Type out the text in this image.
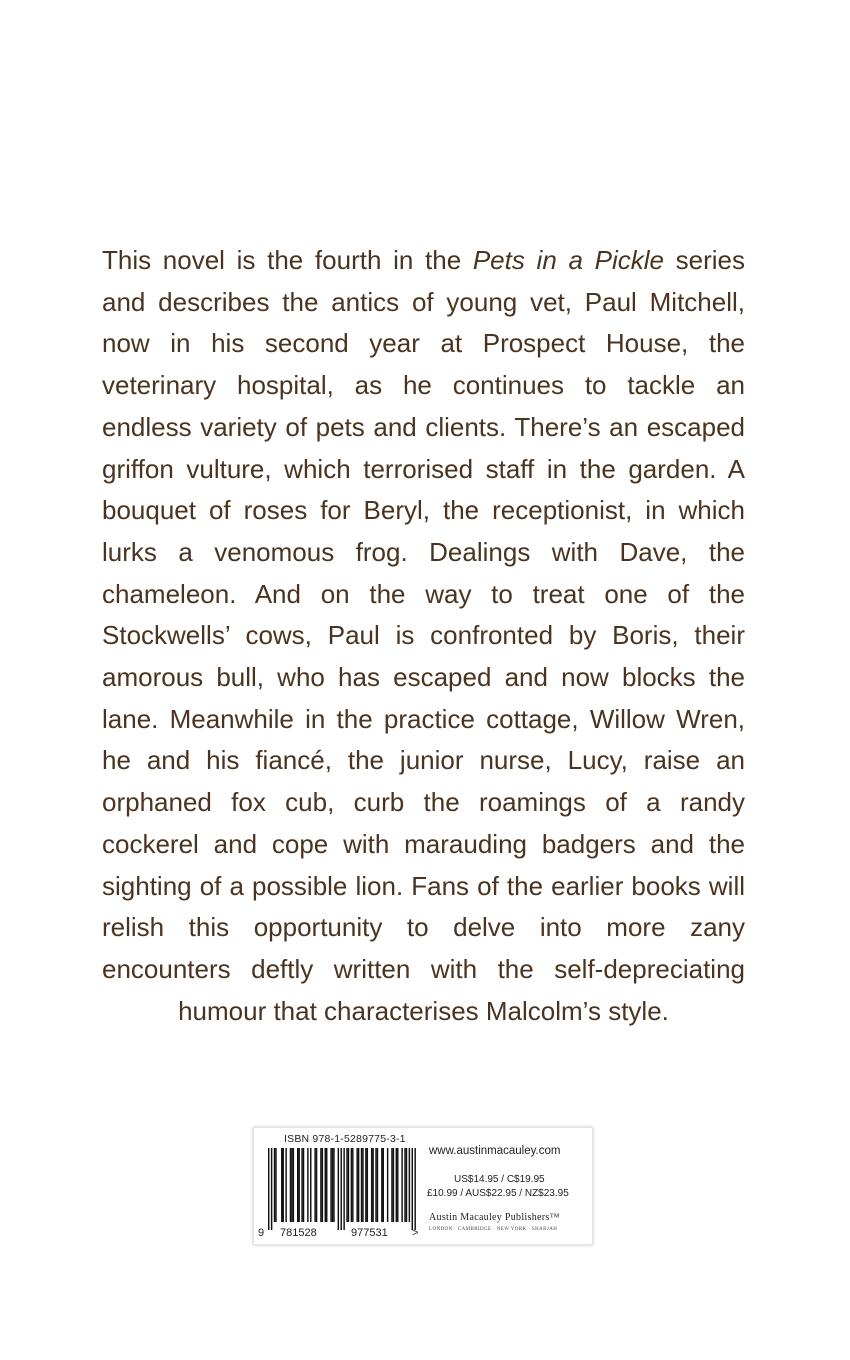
This novel is the fourth in the Pets in a Pickle series and describes the antics of young vet, Paul Mitchell, now in his second year at Prospect House, the veterinary hospital, as he continues to tackle an endless variety of pets and clients. There’s an escaped griffon vulture, which terrorised staff in the garden. A bouquet of roses for Beryl, the receptionist, in which lurks a venomous frog. Dealings with Dave, the chameleon. And on the way to treat one of the Stockwells’ cows, Paul is confronted by Boris, their amorous bull, who has escaped and now blocks the lane. Meanwhile in the practice cottage, Willow Wren, he and his fiancé, the junior nurse, Lucy, raise an orphaned fox cub, curb the roamings of a randy cockerel and cope with marauding badgers and the sighting of a possible lion. Fans of the earlier books will relish this opportunity to delve into more zany encounters deftly written with the self-depreciating humour that characterises Malcolm’s style.
ISBN 978-1-5289775-3-1
9 781528	977531 >
www.austinmacauley.com
US$14.95 / C$19.95
£10.99 / AUS$22.95 / NZ$23.95
Austin Macauley Publishers™
LONDON · CAMBRIDGE · NEW YORK · SHARJAH
